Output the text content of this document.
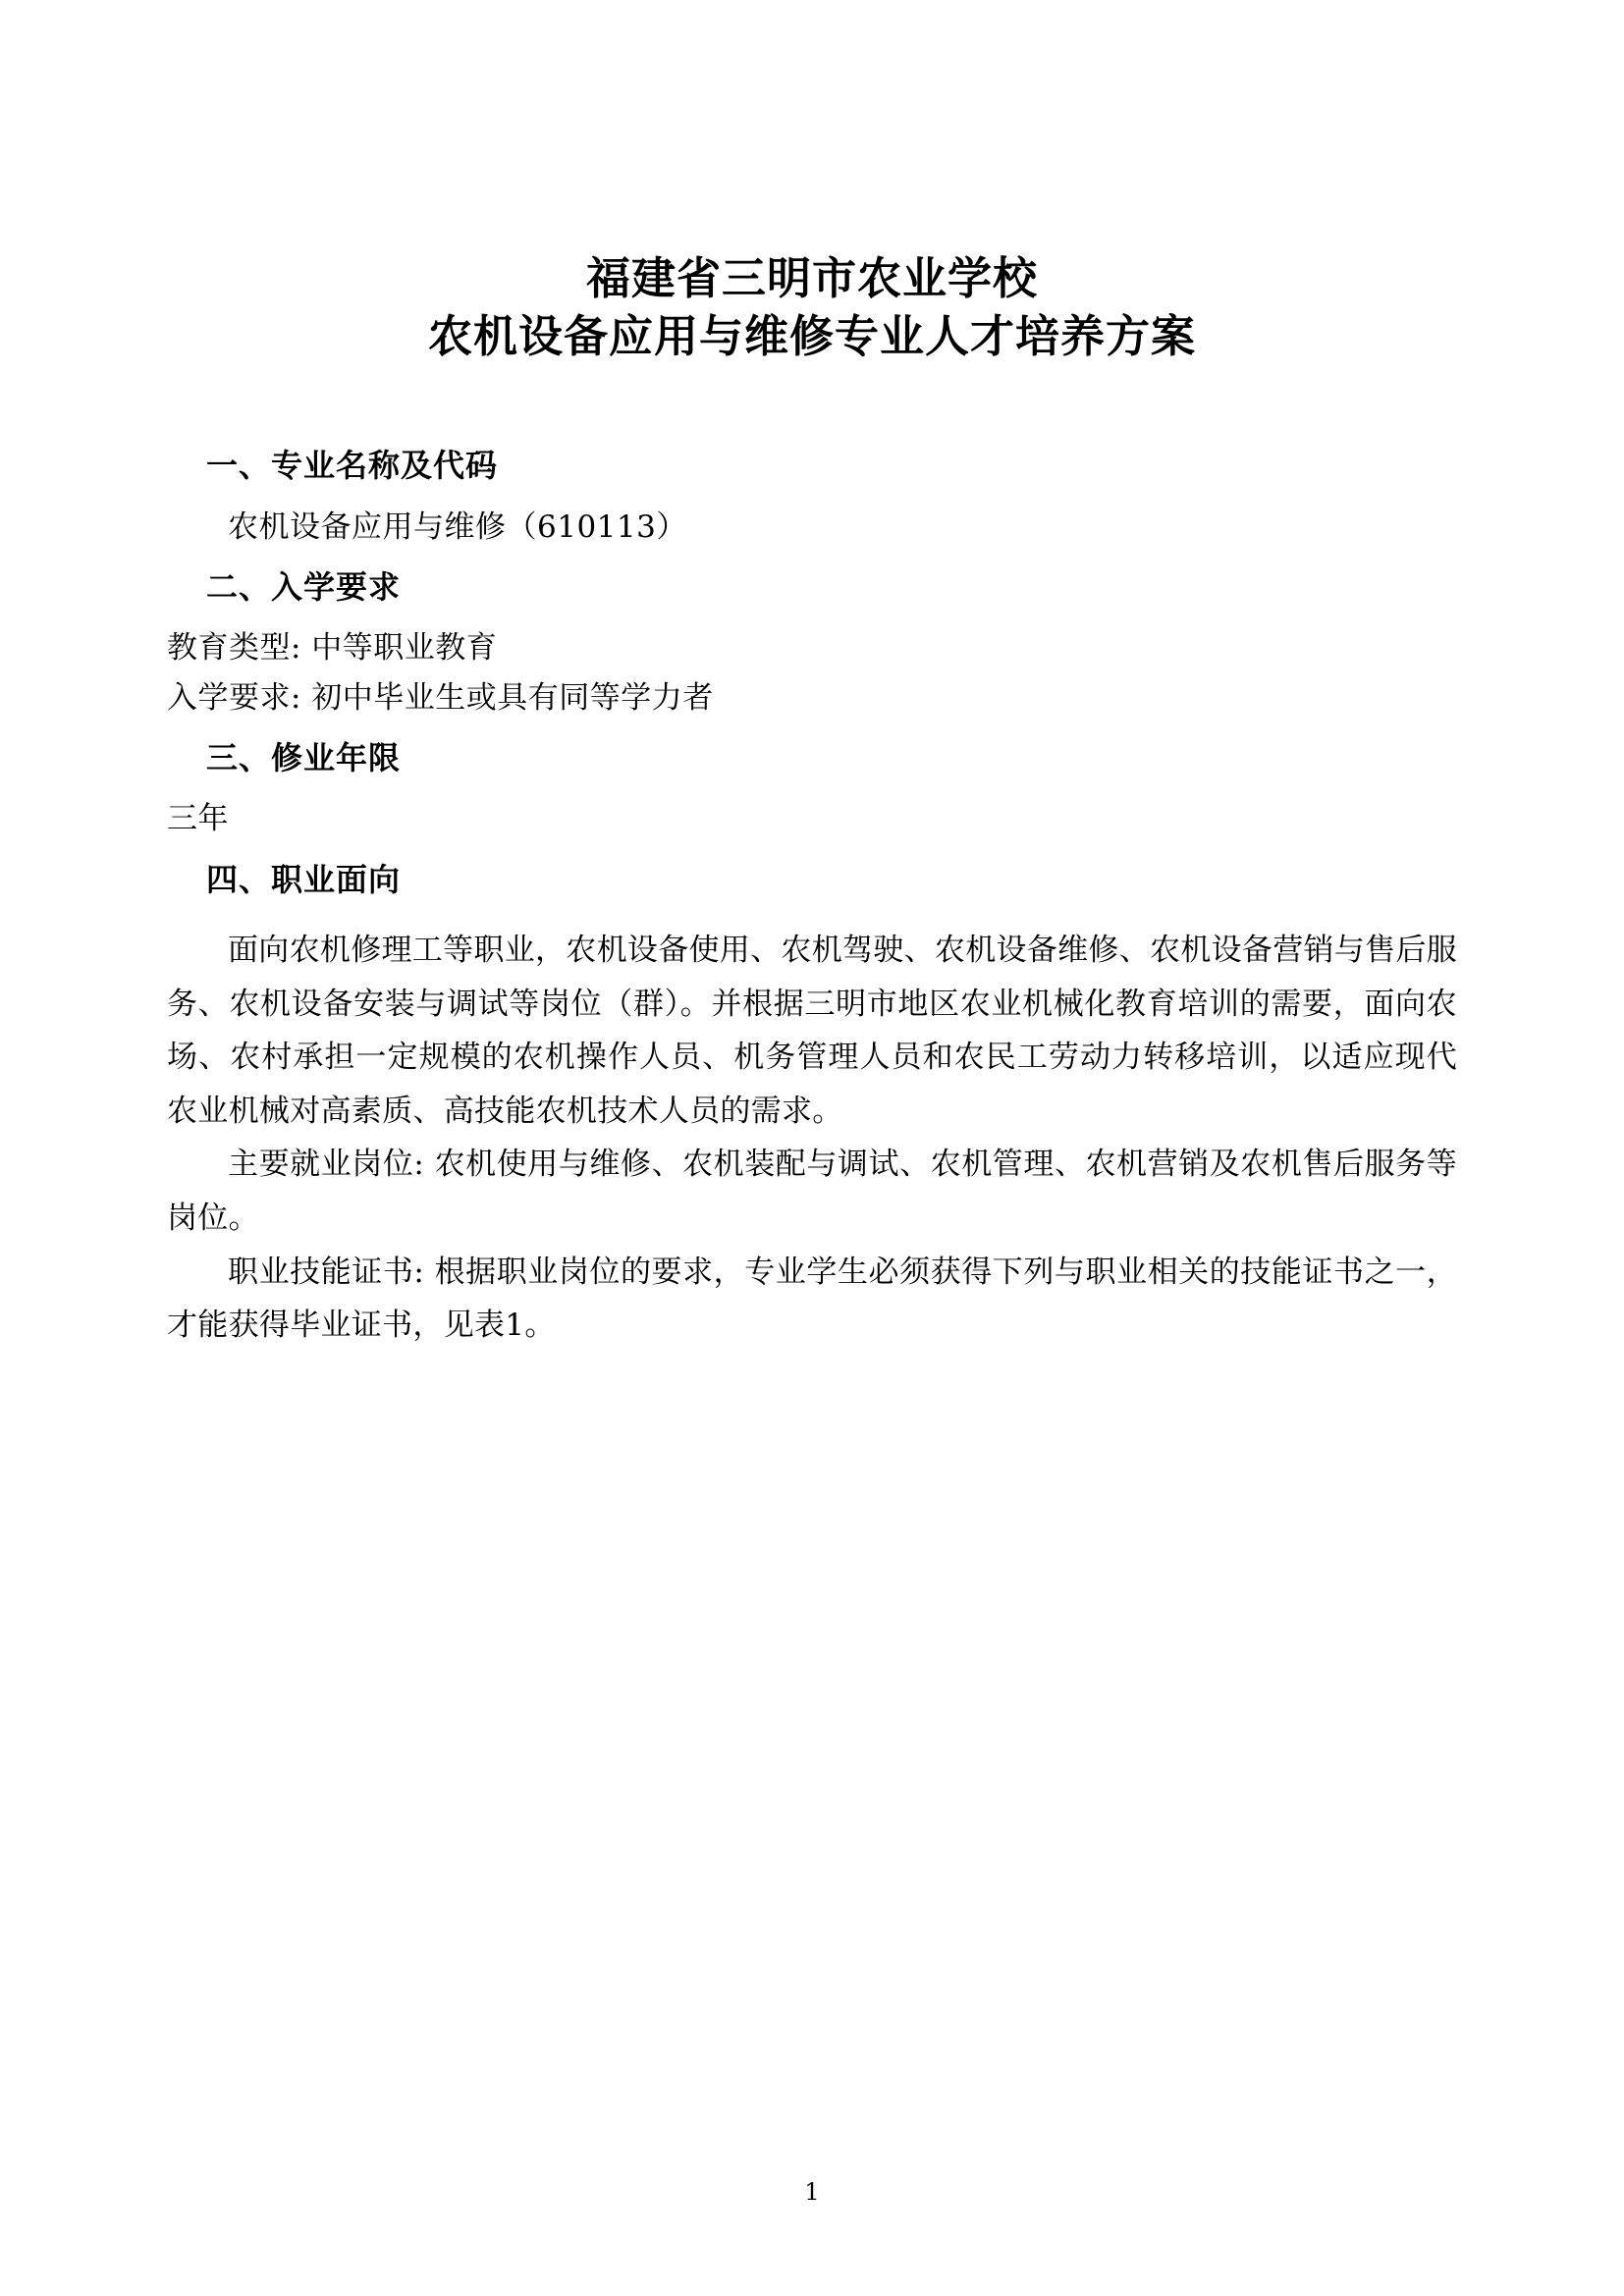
福建省三明市农业学校
农机设备应用与维修专业人才培养方案
一、专业名称及代码

农机设备应用与维修（610113）

二、入学要求

教育类型: 中等职业教育

入学要求: 初中毕业生或具有同等学力者

三、修业年限

三年

四、职业面向

面向农机修理工等职业，农机设备使用、农机驾驶、农机设备维修、农机设备营销与售后服务、农机设备安装与调试等岗位（群）。并根据三明市地区农业机械化教育培训的需要，面向农场、农村承担一定规模的农机操作人员、机务管理人员和农民工劳动力转移培训，以适应现代农业机械对高素质、高技能农机技术人员的需求。

主要就业岗位: 农机使用与维修、农机装配与调试、农机管理、农机营销及农机售后服务等岗位。

职业技能证书: 根据职业岗位的要求，专业学生必须获得下列与职业相关的技能证书之一，才能获得毕业证书，见表1。

1
